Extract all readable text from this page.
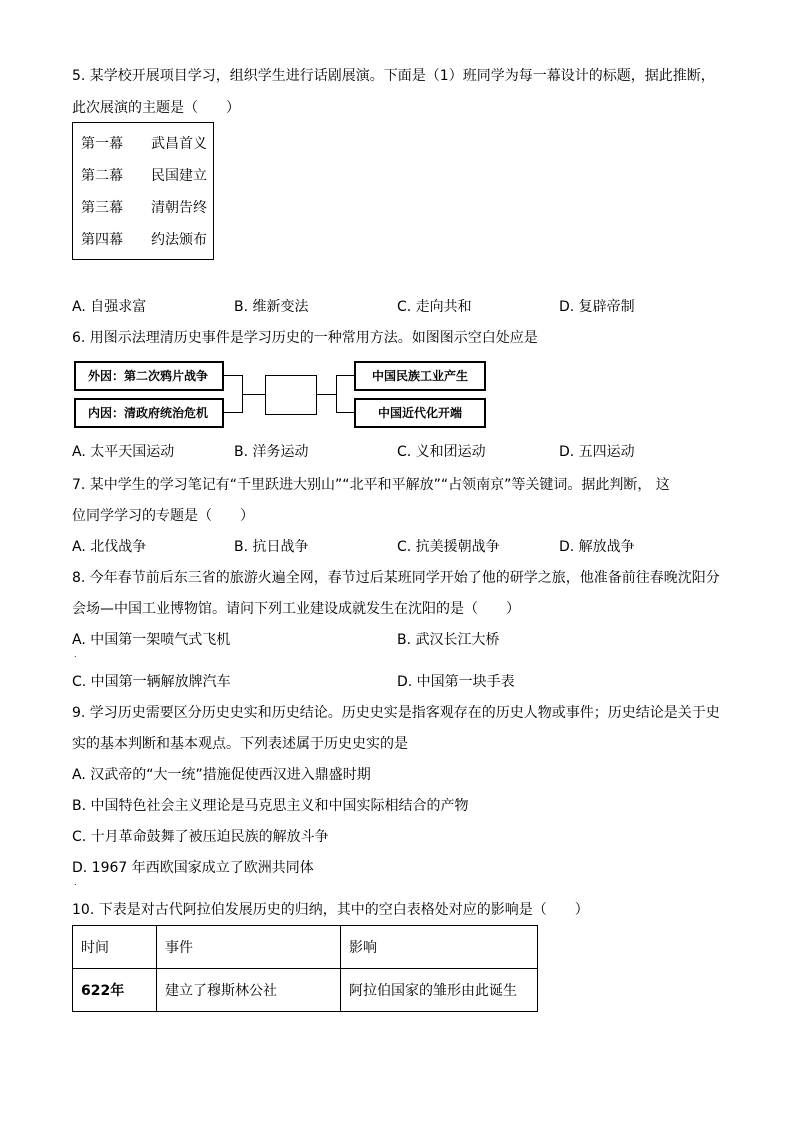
5. 某学校开展项目学习，组织学生进行话剧展演。下面是（1）班同学为每一幕设计的标题，据此推断，
此次展演的主题是（　　）
第一幕 武昌首义
第二幕 民国建立
第三幕 清朝告终
第四幕 约法颁布
A. 自强求富	B. 维新变法	C. 走向共和	D. 复辟帝制
6. 用图示法理清历史事件是学习历史的一种常用方法。如图图示空白处应是
外因：第二次鸦片战争
内因：清政府统治危机
中国民族工业产生
中国近代化开端
A. 太平天国运动	B. 洋务运动	C. 义和团运动	D. 五四运动
7. 某中学生的学习笔记有“千里跃进大别山”“北平和平解放”“占领南京”等关键词。据此判断， 这
位同学学习的专题是（　　）
A. 北伐战争	B. 抗日战争	C. 抗美援朝战争	D. 解放战争
8. 今年春节前后东三省的旅游火遍全网，春节过后某班同学开始了他的研学之旅，他准备前往春晚沈阳分
会场—中国工业博物馆。请问下列工业建设成就发生在沈阳的是（　　）
A. 中国第一架喷气式飞机	B. 武汉长江大桥
.
C. 中国第一辆解放牌汽车	D. 中国第一块手表
9. 学习历史需要区分历史史实和历史结论。历史史实是指客观存在的历史人物或事件；历史结论是关于史
实的基本判断和基本观点。下列表述属于历史史实的是
A. 汉武帝的“大一统”措施促使西汉进入鼎盛时期
B. 中国特色社会主义理论是马克思主义和中国实际相结合的产物
C. 十月革命鼓舞了被压迫民族的解放斗争
D. 1967 年西欧国家成立了欧洲共同体
.
10. 下表是对古代阿拉伯发展历史的归纳，其中的空白表格处对应的影响是（　　）
时间	事件	影响
622年	建立了穆斯林公社	阿拉伯国家的雏形由此诞生
